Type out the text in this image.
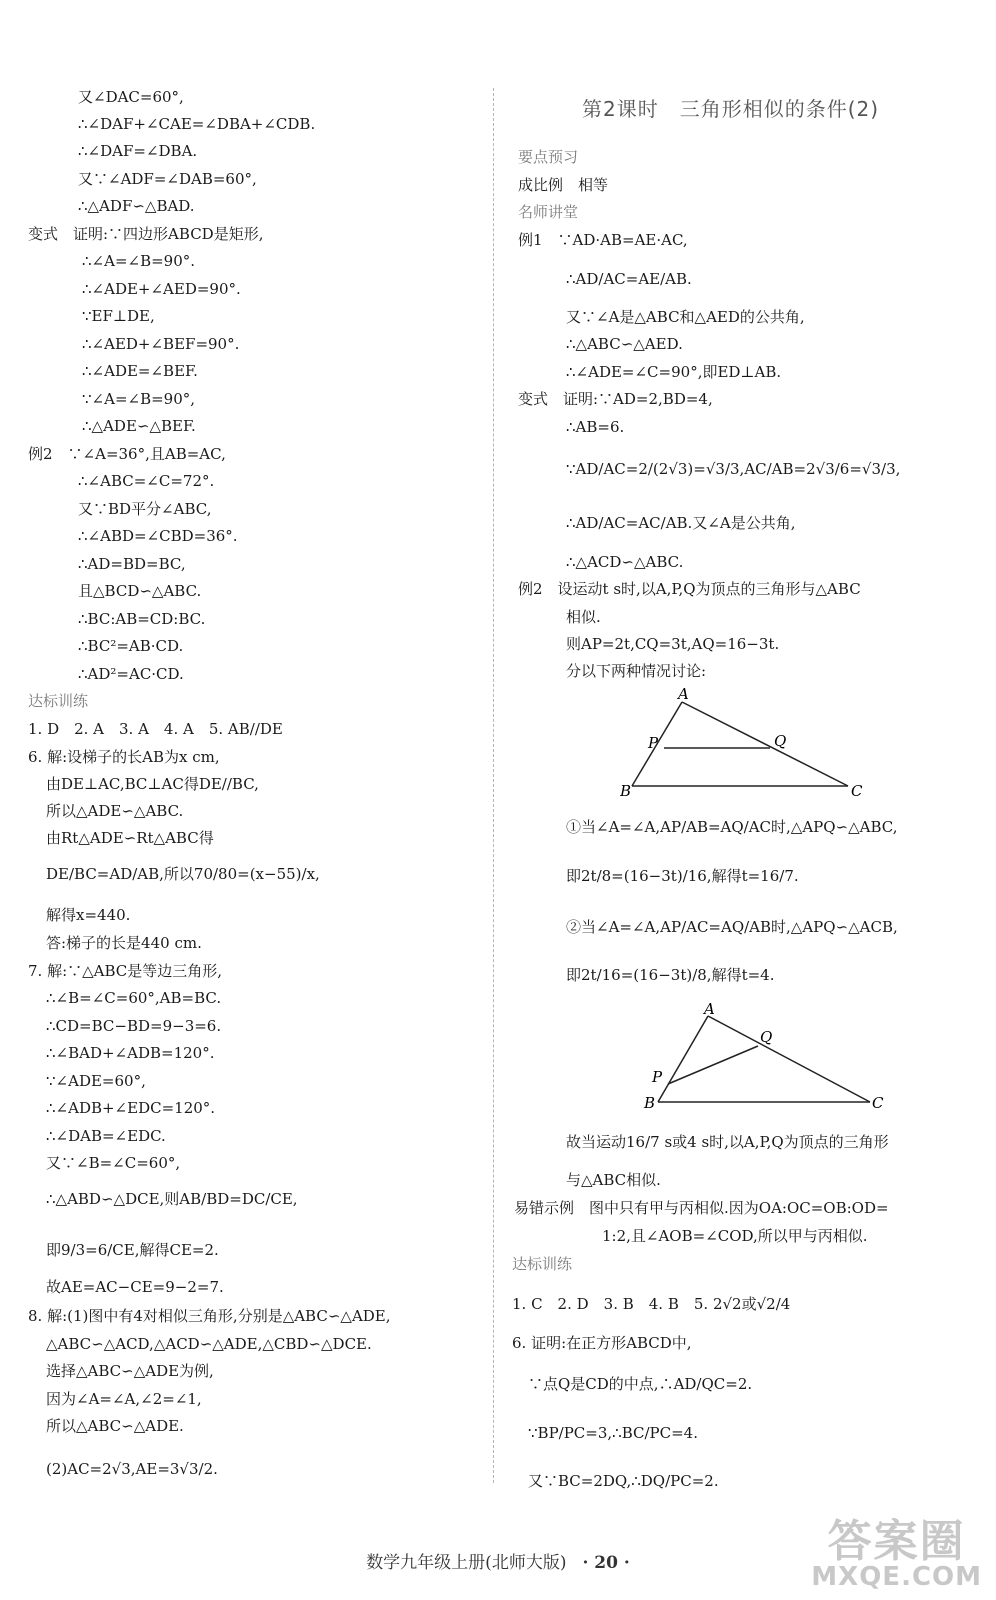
又∠DAC=60°,
∴∠DAF+∠CAE=∠DBA+∠CDB.
∴∠DAF=∠DBA.
又∵∠ADF=∠DAB=60°,
∴△ADF∽△BAD.
变式　证明:∵四边形ABCD是矩形,
∴∠A=∠B=90°.
∴∠ADE+∠AED=90°.
∵EF⊥DE,
∴∠AED+∠BEF=90°.
∴∠ADE=∠BEF.
∵∠A=∠B=90°,
∴△ADE∽△BEF.
例2　∵∠A=36°,且AB=AC,
∴∠ABC=∠C=72°.
又∵BD平分∠ABC,
∴∠ABD=∠CBD=36°.
∴AD=BD=BC,
且△BCD∽△ABC.
∴BC:AB=CD:BC.
∴BC²=AB·CD.
∴AD²=AC·CD.
1. D　2. A　3. A　4. A　5. AB//DE
6. 解:设梯子的长AB为x cm,
由DE⊥AC,BC⊥AC得DE//BC,
所以△ADE∽△ABC.
由Rt△ADE∽Rt△ABC得
DE/BC=AD/AB,所以70/80=(x−55)/x,
解得x=440.
答:梯子的长是440 cm.
7. 解:∵△ABC是等边三角形,
∴∠B=∠C=60°,AB=BC.
∴CD=BC−BD=9−3=6.
∴∠BAD+∠ADB=120°.
∵∠ADE=60°,
∴∠ADB+∠EDC=120°.
∴∠DAB=∠EDC.
又∵∠B=∠C=60°,
∴△ABD∽△DCE,则AB/BD=DC/CE,
即9/3=6/CE,解得CE=2.
故AE=AC−CE=9−2=7.
8. 解:(1)图中有4对相似三角形,分别是△ABC∽△ADE,
△ABC∽△ACD,△ACD∽△ADE,△CBD∽△DCE.
选择△ABC∽△ADE为例,
因为∠A=∠A,∠2=∠1,
所以△ABC∽△ADE.
(2)AC=2√3,AE=3√3/2.
达标训练
第2课时　三角形相似的条件(2)
A
P	Q
B	C
A
P
Q
B	C
成比例　相等
例1　∵AD·AB=AE·AC,
∴AD/AC=AE/AB.
又∵∠A是△ABC和△AED的公共角,
∴△ABC∽△AED.
∴∠ADE=∠C=90°,即ED⊥AB.
变式　证明:∵AD=2,BD=4,
∴AB=6.
∵AD/AC=2/(2√3)=√3/3,AC/AB=2√3/6=√3/3,
∴AD/AC=AC/AB.又∠A是公共角,
∴△ACD∽△ABC.
例2　设运动t s时,以A,P,Q为顶点的三角形与△ABC
相似.
则AP=2t,CQ=3t,AQ=16−3t.
分以下两种情况讨论:
①当∠A=∠A,AP/AB=AQ/AC时,△APQ∽△ABC,
即2t/8=(16−3t)/16,解得t=16/7.
②当∠A=∠A,AP/AC=AQ/AB时,△APQ∽△ACB,
即2t/16=(16−3t)/8,解得t=4.
故当运动16/7 s或4 s时,以A,P,Q为顶点的三角形
与△ABC相似.
易错示例　图中只有甲与丙相似.因为OA:OC=OB:OD=
1:2,且∠AOB=∠COD,所以甲与丙相似.
1. C　2. D　3. B　4. B　5. 2√2或√2/4
6. 证明:在正方形ABCD中,
∵点Q是CD的中点,∴AD/QC=2.
∵BP/PC=3,∴BC/PC=4.
又∵BC=2DQ,∴DQ/PC=2.
要点预习
名师讲堂
达标训练
数学九年级上册(北师大版) · 20 ·	答案圈
MXQE.COM
